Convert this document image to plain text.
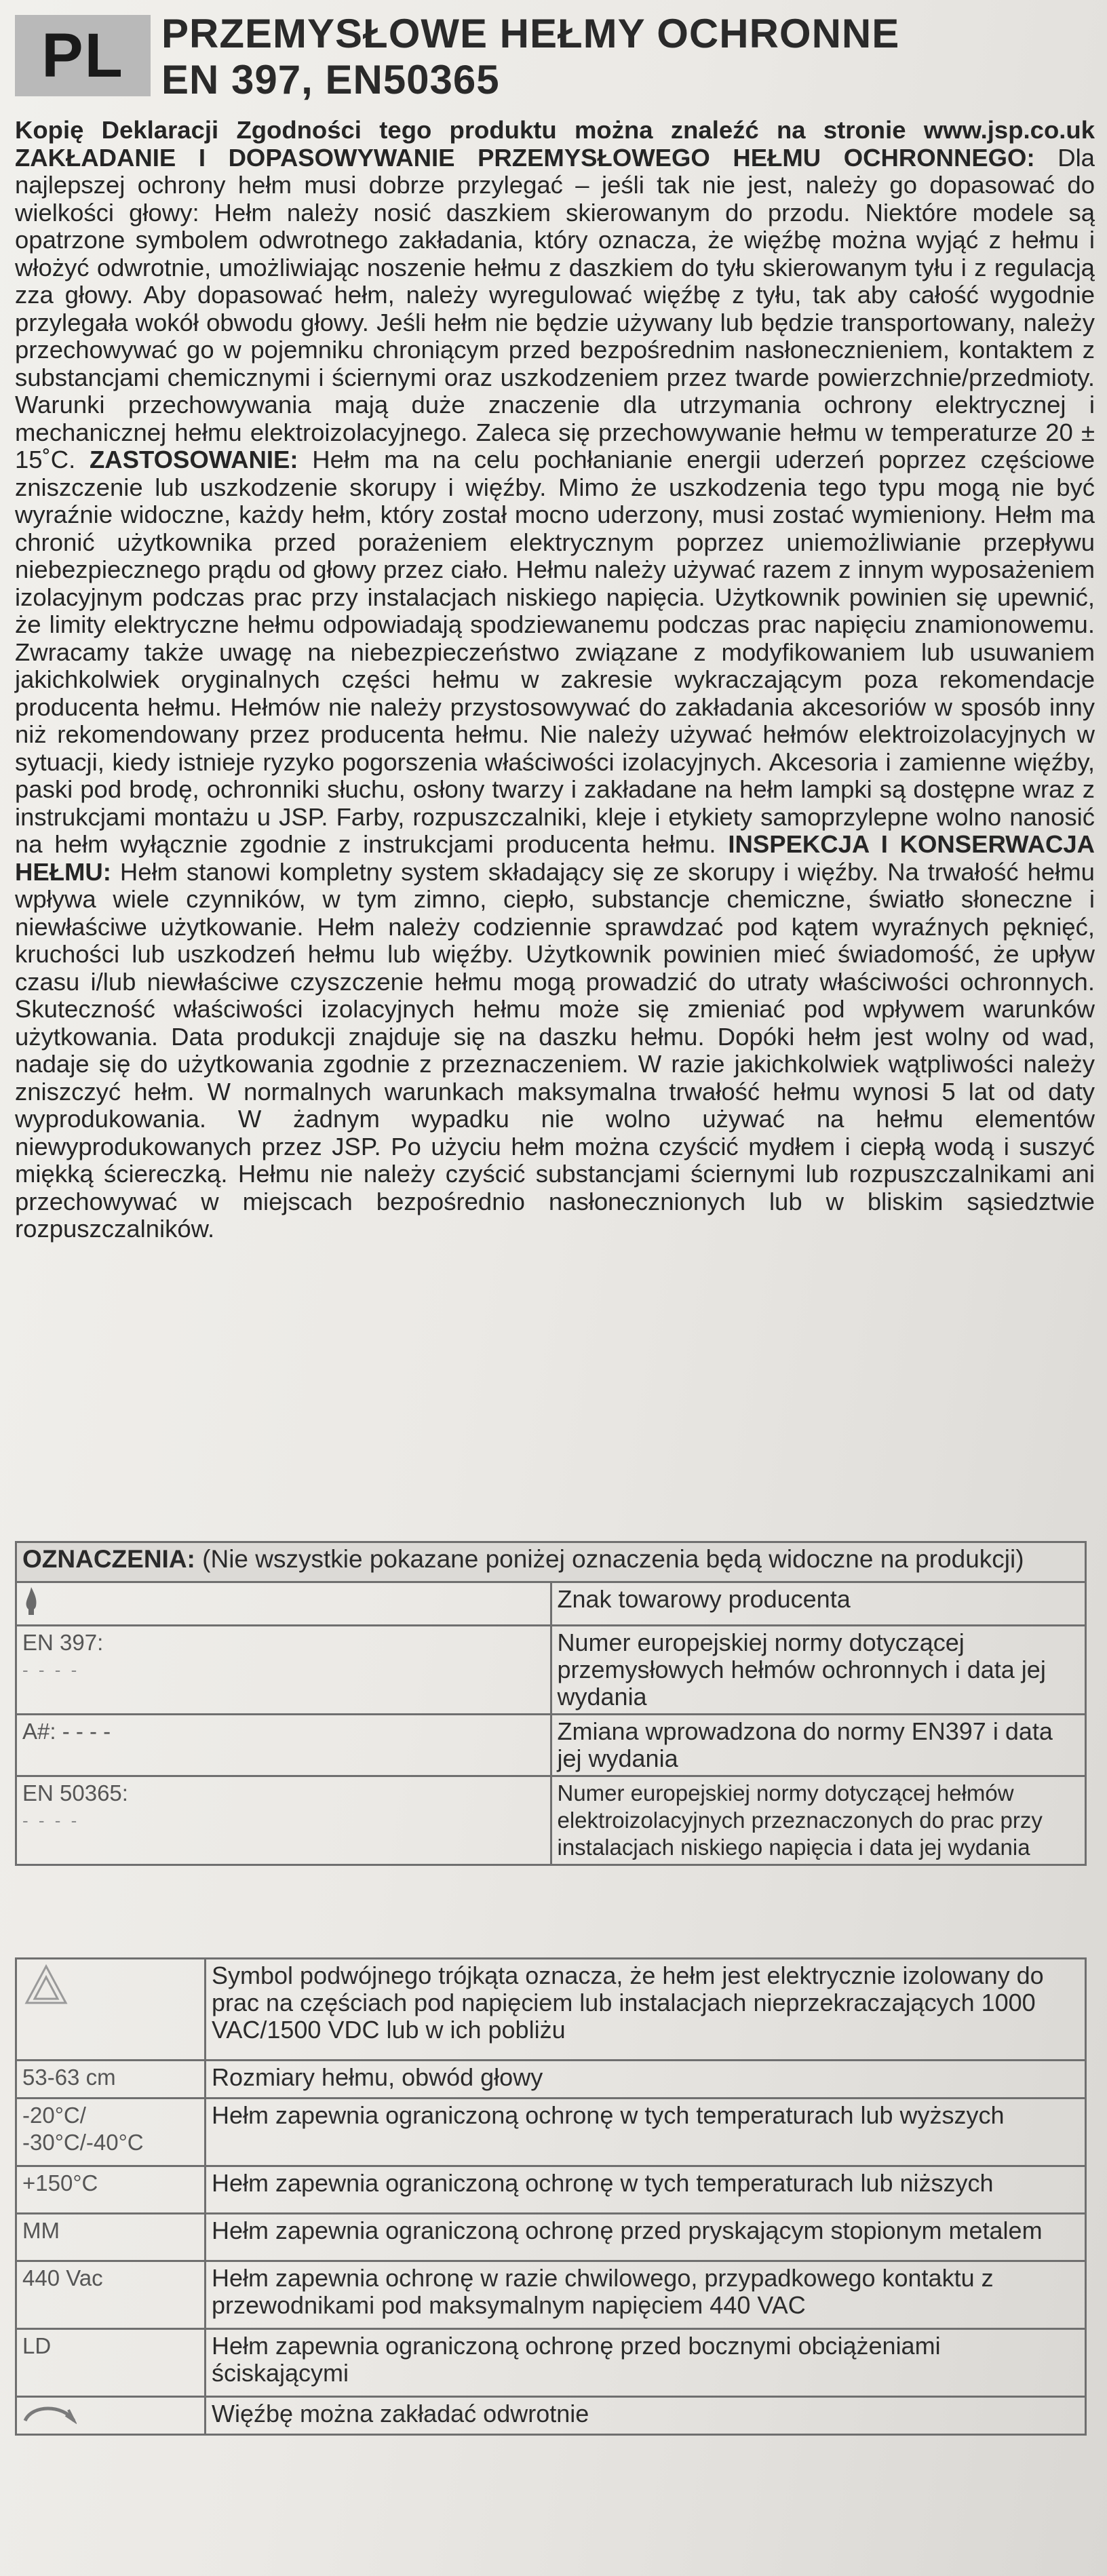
PL PRZEMYSŁOWE HEŁMY OCHRONNE
EN 397, EN50365
Kopię Deklaracji Zgodności tego produktu można znaleźć na stronie www.jsp.co.uk ZAKŁADANIE I DOPASOWYWANIE PRZEMYSŁOWEGO HEŁMU OCHRONNEGO: Dla najlepszej ochrony hełm musi dobrze przylegać – jeśli tak nie jest, należy go dopasować do wielkości głowy: Hełm należy nosić daszkiem skierowanym do przodu. Niektóre modele są opatrzone symbolem odwrotnego zakładania, który oznacza, że więźbę można wyjąć z hełmu i włożyć odwrotnie, umożliwiając noszenie hełmu z daszkiem do tyłu skierowanym tyłu i z regulacją zza głowy. Aby dopasować hełm, należy wyregulować więźbę z tyłu, tak aby całość wygodnie przylegała wokół obwodu głowy. Jeśli hełm nie będzie używany lub będzie transportowany, należy przechowywać go w pojemniku chroniącym przed bezpośrednim nasłonecznieniem, kontaktem z substancjami chemicznymi i ściernymi oraz uszkodzeniem przez twarde powierzchnie/przedmioty. Warunki przechowywania mają duże znaczenie dla utrzymania ochrony elektrycznej i mechanicznej hełmu elektroizolacyjnego. Zaleca się przechowywanie hełmu w temperaturze 20 ± 15˚C. ZASTOSOWANIE: Hełm ma na celu pochłanianie energii uderzeń poprzez częściowe zniszczenie lub uszkodzenie skorupy i więźby. Mimo że uszkodzenia tego typu mogą nie być wyraźnie widoczne, każdy hełm, który został mocno uderzony, musi zostać wymieniony. Hełm ma chronić użytkownika przed porażeniem elektrycznym poprzez uniemożliwianie przepływu niebezpiecznego prądu od głowy przez ciało. Hełmu należy używać razem z innym wyposażeniem izolacyjnym podczas prac przy instalacjach niskiego napięcia. Użytkownik powinien się upewnić, że limity elektryczne hełmu odpowiadają spodziewanemu podczas prac napięciu znamionowemu. Zwracamy także uwagę na niebezpieczeństwo związane z modyfikowaniem lub usuwaniem jakichkolwiek oryginalnych części hełmu w zakresie wykraczającym poza rekomendacje producenta hełmu. Hełmów nie należy przystosowywać do zakładania akcesoriów w sposób inny niż rekomendowany przez producenta hełmu. Nie należy używać hełmów elektroizolacyjnych w sytuacji, kiedy istnieje ryzyko pogorszenia właściwości izolacyjnych. Akcesoria i zamienne więźby, paski pod brodę, ochronniki słuchu, osłony twarzy i zakładane na hełm lampki są dostępne wraz z instrukcjami montażu u JSP. Farby, rozpuszczalniki, kleje i etykiety samoprzylepne wolno nanosić na hełm wyłącznie zgodnie z instrukcjami producenta hełmu. INSPEKCJA I KONSERWACJA HEŁMU: Hełm stanowi kompletny system składający się ze skorupy i więźby. Na trwałość hełmu wpływa wiele czynników, w tym zimno, ciepło, substancje chemiczne, światło słoneczne i niewłaściwe użytkowanie. Hełm należy codziennie sprawdzać pod kątem wyraźnych pęknięć, kruchości lub uszkodzeń hełmu lub więźby. Użytkownik powinien mieć świadomość, że upływ czasu i/lub niewłaściwe czyszczenie hełmu mogą prowadzić do utraty właściwości ochronnych. Skuteczność właściwości izolacyjnych hełmu może się zmieniać pod wpływem warunków użytkowania. Data produkcji znajduje się na daszku hełmu. Dopóki hełm jest wolny od wad, nadaje się do użytkowania zgodnie z przeznaczeniem. W razie jakichkolwiek wątpliwości należy zniszczyć hełm. W normalnych warunkach maksymalna trwałość hełmu wynosi 5 lat od daty wyprodukowania. W żadnym wypadku nie wolno używać na hełmu elementów niewyprodukowanych przez JSP. Po użyciu hełm można czyścić mydłem i ciepłą wodą i suszyć miękką ściereczką. Hełmu nie należy czyścić substancjami ściernymi lub rozpuszczalnikami ani przechowywać w miejscach bezpośrednio nasłonecznionych lub w bliskim sąsiedztwie rozpuszczalników.
OZNACZENIA: (Nie wszystkie pokazane poniżej oznaczenia będą widoczne na produkcji)	
	Znak towarowy producenta

EN 397:
- - - -	Numer europejskiej normy dotyczącej przemysłowych hełmów ochronnych i data jej wydania

A#: - - - -	Zmiana wprowadzona do normy EN397 i data jej wydania

EN 50365:
- - - -	Numer europejskiej normy dotyczącej hełmów elektroizolacyjnych przeznaczonych do prac przy instalacjach niskiego napięcia i data jej wydania
	Symbol podwójnego trójkąta oznacza, że hełm jest elektrycznie izolowany do prac na częściach pod napięciem lub instalacjach nieprzekraczających 1000 VAC/1500 VDC lub w ich pobliżu
53-63 cm	Rozmiary hełmu, obwód głowy
-20°C/ -30°C/-40°C	Hełm zapewnia ograniczoną ochronę w tych temperaturach lub wyższych
+150°C	Hełm zapewnia ograniczoną ochronę w tych temperaturach lub niższych
MM	Hełm zapewnia ograniczoną ochronę przed pryskającym stopionym metalem
440 Vac	Hełm zapewnia ochronę w razie chwilowego, przypadkowego kontaktu z przewodnikami pod maksymalnym napięciem 440 VAC
LD	Hełm zapewnia ograniczoną ochronę przed bocznymi obciążeniami ściskającymi
	Więźbę można zakładać odwrotnie
